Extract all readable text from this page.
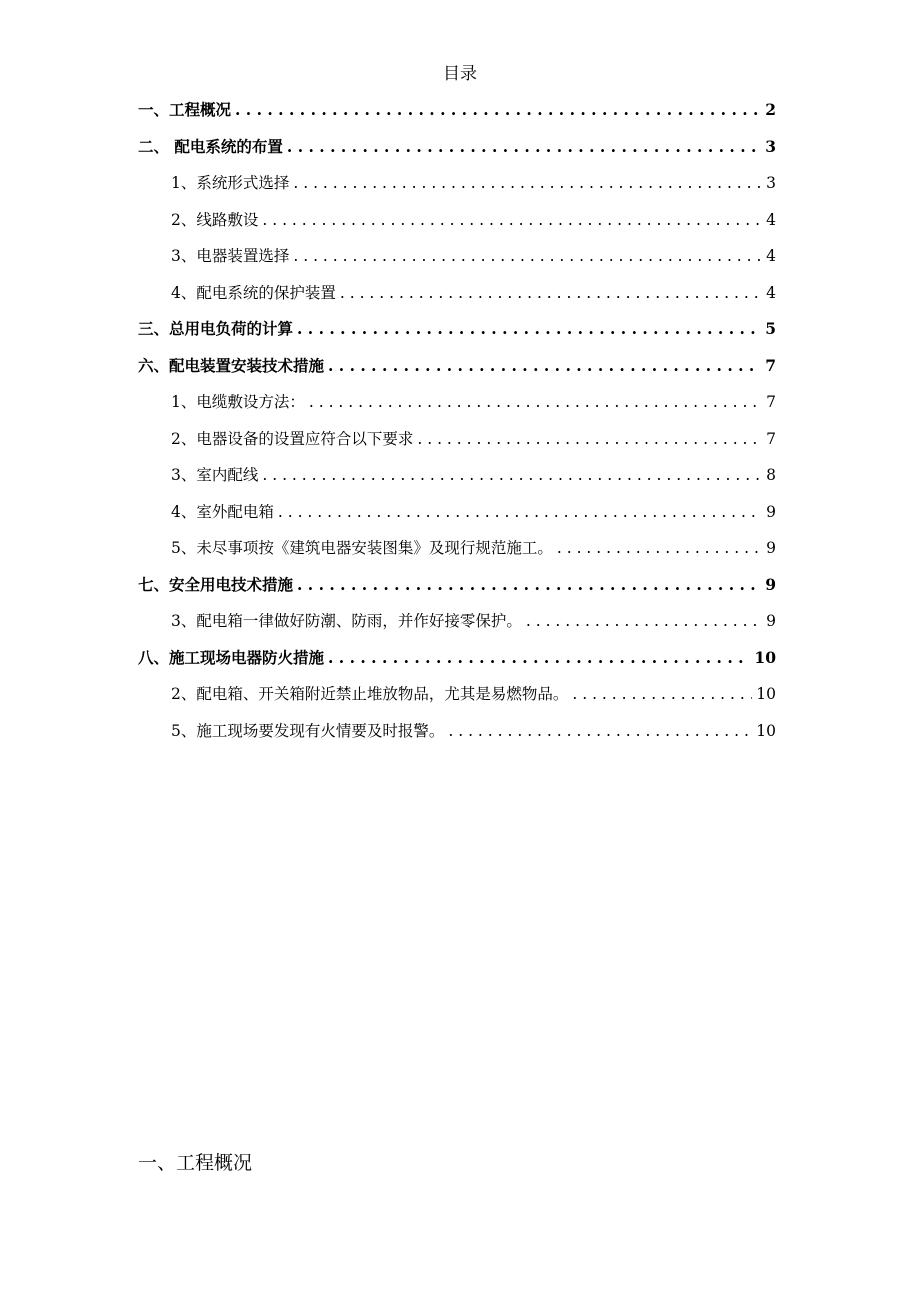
目录
一、工程概况 . . .	2
二、 配电系统的布置 . . .	3
1、系统形式选择 . . .	3
2、线路敷设 . . .	4
3、电器装置选择 . . .	4
4、配电系统的保护装置 . . .	4
三、总用电负荷的计算 . . .	5
六、配电装置安装技术措施 . . .	7
1、电缆敷设方法： . . .	7
2、电器设备的设置应符合以下要求 . . .	7
3、室内配线 . . .	8
4、室外配电箱 . . .	9
5、未尽事项按《建筑电器安装图集》及现行规范施工。 . . .	9
七、安全用电技术措施 . . .	9
3、配电箱一律做好防潮、防雨，并作好接零保护。 . . .	9
八、施工现场电器防火措施 . . .	10
2、配电箱、开关箱附近禁止堆放物品，尤其是易燃物品。 . . .	10
5、施工现场要发现有火情要及时报警。 . . .	10
一、工程概况
